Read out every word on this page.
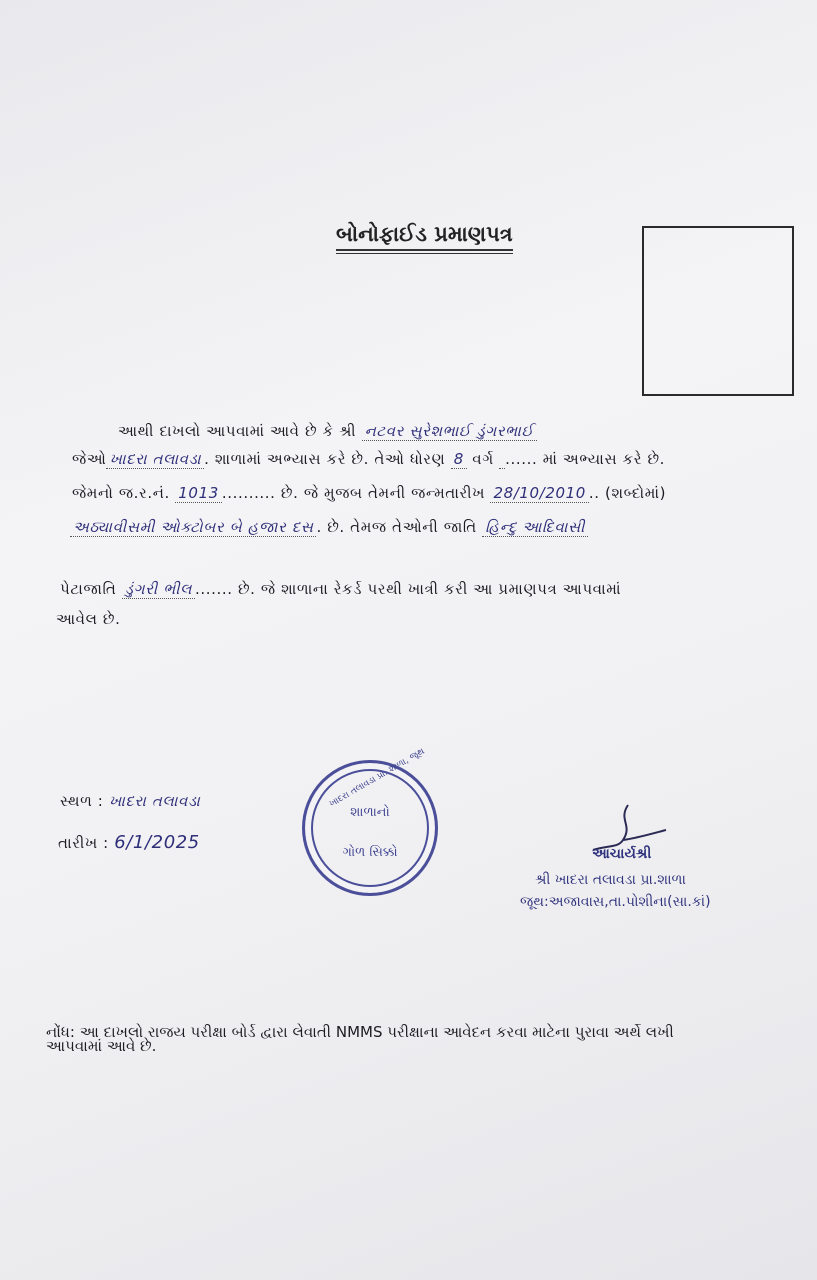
બોનોફાઈડ પ્રમાણપત્ર
આથી દાખલો આપવામાં આવે છે કે શ્રી નટવર સુરેશભાઈ ડુંગરભાઈ
જેઓ ખાદરા તલાવડા . શાળામાં અભ્યાસ કરે છે. તેઓ ધોરણ 8 વર્ગ ...... માં અભ્યાસ કરે છે.
જેમનો જ.ર.નં. 1013 .......... છે. જે મુજબ તેમની જન્મતારીખ 28/10/2010 .. (શબ્દોમાં)
અઠ્યાવીસમી ઓક્ટોબર બે હજાર દસ . છે. તેમજ તેઓની જાતિ હિન્દુ આદિવાસી
પેટાજાતિ ડુંગરી ભીલ ....... છે. જે શાળાના રેકર્ડ પરથી ખાત્રી કરી આ પ્રમાણપત્ર આપવામાં
આવેલ છે.
સ્થળ : ખાદરા તલાવડા
તારીખ : 6/1/2025
ખાદરા તલાવડા પ્રા. શાળા, જૂથ
શાળાનો
ગોળ સિક્કો	આચાર્યશ્રી
શ્રી ખાદરા તલાવડા પ્રા.શાળા
જૂથ:અજાવાસ,તા.પોશીના(સા.કાં)
નોંધ: આ દાખલો રાજય પરીક્ષા બોર્ડ દ્વારા લેવાતી NMMS પરીક્ષાના આવેદન કરવા માટેના પુરાવા અર્થે લખી
આપવામાં આવે છે.
